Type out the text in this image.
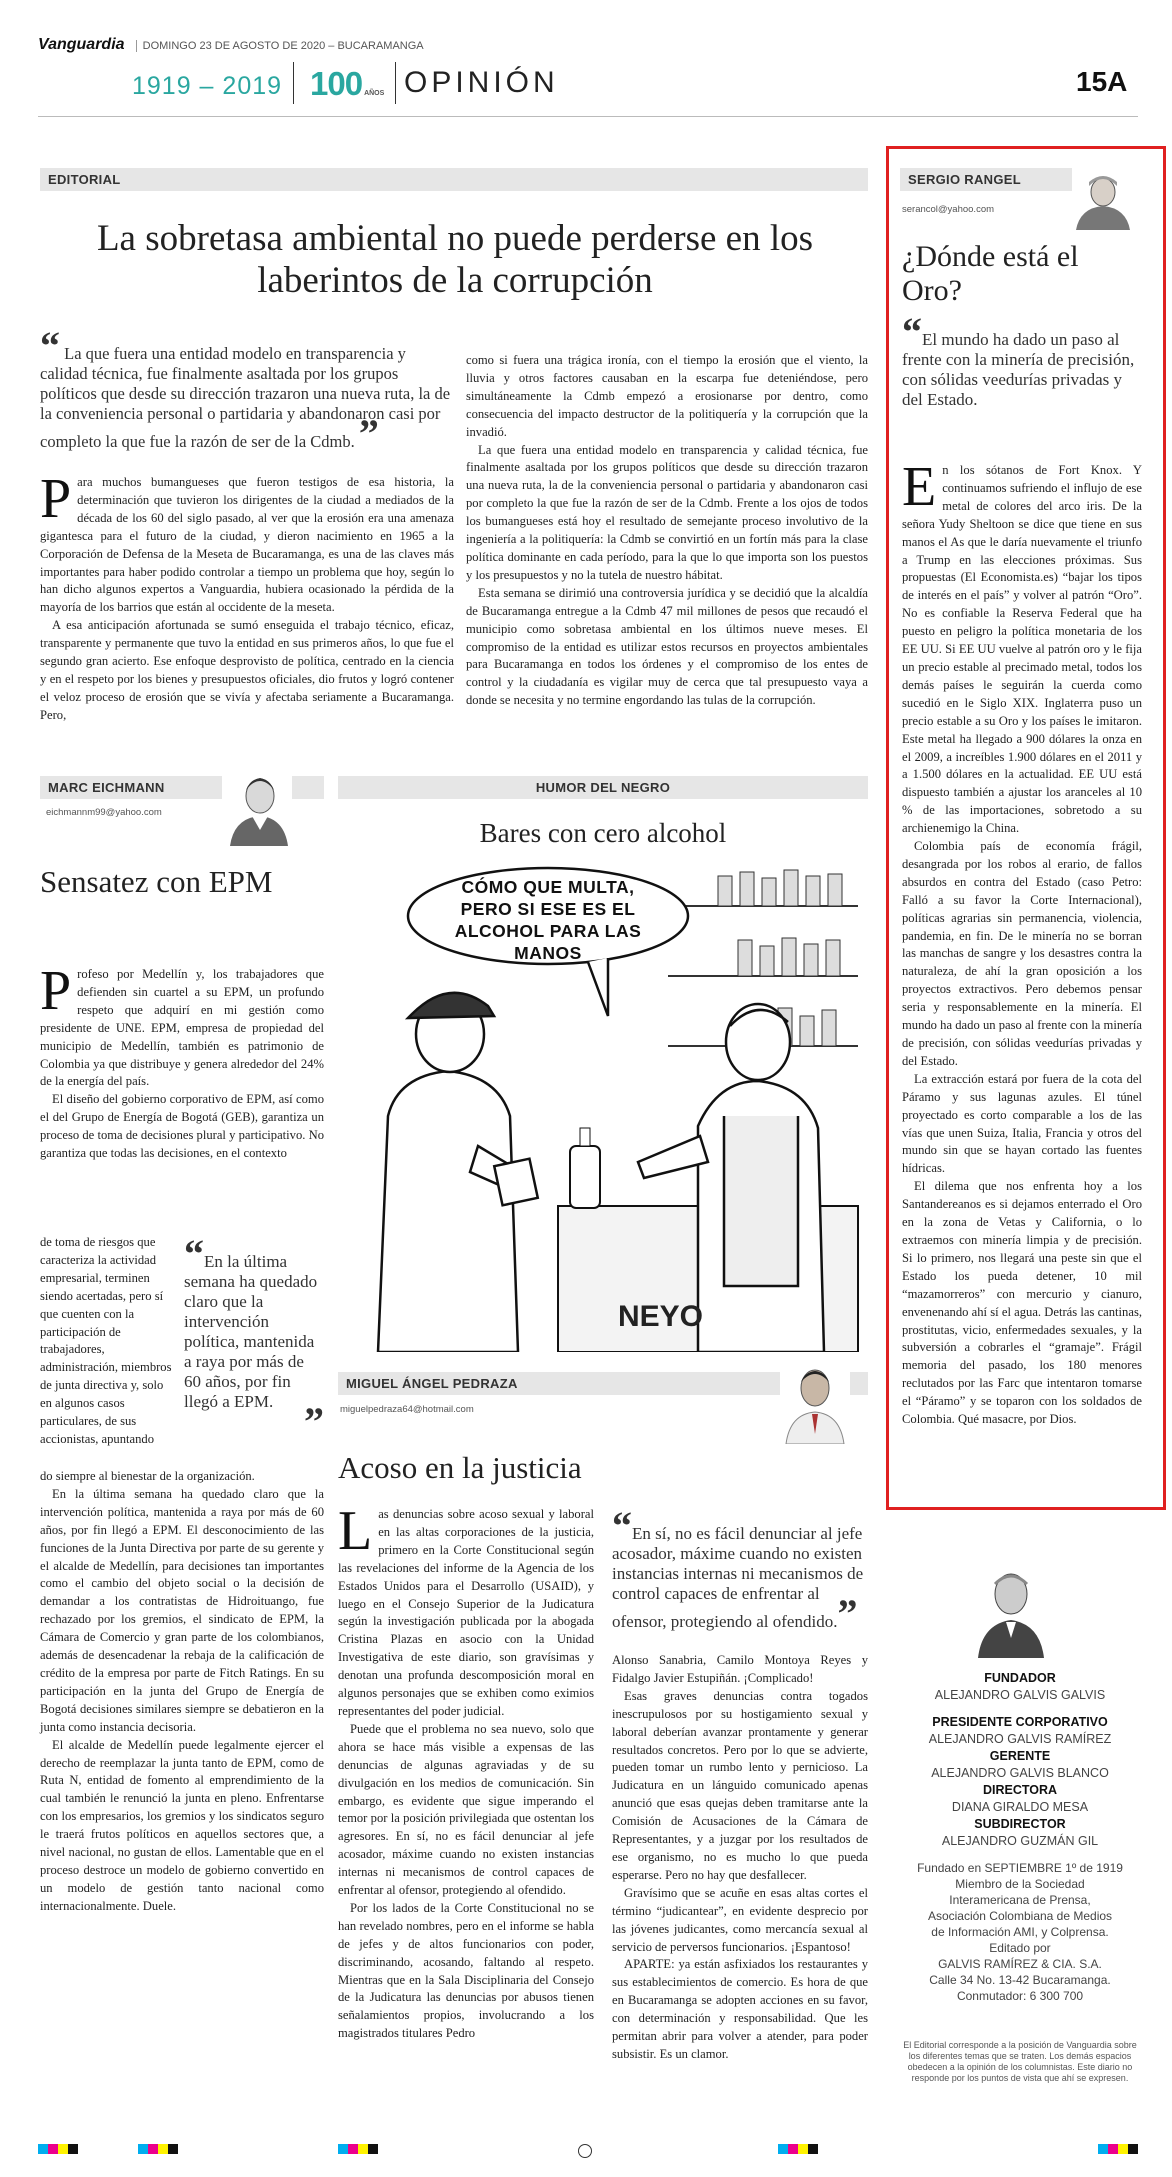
Vanguardia DOMINGO 23 DE AGOSTO DE 2020 – BUCARAMANGA
1919 – 2019 100 AÑOS OPINIÓN	15A
EDITORIAL
La sobretasa ambiental no puede perderse en los laberintos de la corrupción
“ La que fuera una entidad modelo en transparencia y calidad técnica, fue finalmente asaltada por los grupos políticos que desde su dirección trazaron una nueva ruta, la de la conveniencia personal o partidaria y abandonaron casi por completo la que fue la razón de ser de la Cdmb. ”

Para muchos bumangueses que fueron testigos de esa historia, la determinación que tuvieron los dirigentes de la ciudad a mediados de la década de los 60 del siglo pasado, al ver que la erosión era una amenaza gigantesca para el futuro de la ciudad, y dieron nacimiento en 1965 a la Corporación de Defensa de la Meseta de Bucaramanga, es una de las claves más importantes para haber podido controlar a tiempo un problema que hoy, según lo han dicho algunos expertos a Vanguardia, hubiera ocasionado la pérdida de la mayoría de los barrios que están al occidente de la meseta.

A esa anticipación afortunada se sumó enseguida el trabajo técnico, eficaz, transparente y permanente que tuvo la entidad en sus primeros años, lo que fue el segundo gran acierto. Ese enfoque desprovisto de política, centrado en la ciencia y en el respeto por los bienes y presupuestos oficiales, dio frutos y logró contener el veloz proceso de erosión que se vivía y afectaba seriamente a Bucaramanga. Pero,

como si fuera una trágica ironía, con el tiempo la erosión que el viento, la lluvia y otros factores causaban en la escarpa fue deteniéndose, pero simultáneamente la Cdmb empezó a erosionarse por dentro, como consecuencia del impacto destructor de la politiquería y la corrupción que la invadió.

La que fuera una entidad modelo en transparencia y calidad técnica, fue finalmente asaltada por los grupos políticos que desde su dirección trazaron una nueva ruta, la de la conveniencia personal o partidaria y abandonaron casi por completo la que fue la razón de ser de la Cdmb. Frente a los ojos de todos los bumangueses está hoy el resultado de semejante proceso involutivo de la ingeniería a la politiquería: la Cdmb se convirtió en un fortín más para la clase política dominante en cada período, para la que lo que importa son los puestos y los presupuestos y no la tutela de nuestro hábitat.

Esta semana se dirimió una controversia jurídica y se decidió que la alcaldía de Bucaramanga entregue a la Cdmb 47 mil millones de pesos que recaudó el municipio como sobretasa ambiental en los últimos nueve meses. El compromiso de la entidad es utilizar estos recursos en proyectos ambientales para Bucaramanga en todos los órdenes y el compromiso de los entes de control y la ciudadanía es vigilar muy de cerca que tal presupuesto vaya a donde se necesita y no termine engordando las tulas de la corrupción.

MARC EICHMANN
eichmannm99@yahoo.com
Sensatez con EPM

Profeso por Medellín y, los trabajadores que defienden sin cuartel a su EPM, un profundo respeto que adquirí en mi gestión como presidente de UNE. EPM, empresa de propiedad del municipio de Medellín, también es patrimonio de Colombia ya que distribuye y genera alrededor del 24% de la energía del país.

El diseño del gobierno corporativo de EPM, así como el del Grupo de Energía de Bogotá (GEB), garantiza un proceso de toma de decisiones plural y participativo. No garantiza que todas las decisiones, en el contexto

de toma de riesgos que caracteriza la actividad empresarial, terminen siendo acertadas, pero sí que cuenten con la participación de trabajadores, administración, miembros de junta directiva y, solo en algunos casos particulares, de sus accionistas, apuntando

“En la última semana ha quedado claro que la intervención política, mantenida a raya por más de 60 años, por fin llegó a EPM. ”

do siempre al bienestar de la organización.

En la última semana ha quedado claro que la intervención política, mantenida a raya por más de 60 años, por fin llegó a EPM. El desconocimiento de las funciones de la Junta Directiva por parte de su gerente y el alcalde de Medellín, para decisiones tan importantes como el cambio del objeto social o la decisión de demandar a los contratistas de Hidroituango, fue rechazado por los gremios, el sindicato de EPM, la Cámara de Comercio y gran parte de los colombianos, además de desencadenar la rebaja de la calificación de crédito de la empresa por parte de Fitch Ratings. En su participación en la junta del Grupo de Energía de Bogotá decisiones similares siempre se debatieron en la junta como instancia decisoria.

El alcalde de Medellín puede legalmente ejercer el derecho de reemplazar la junta tanto de EPM, como de Ruta N, entidad de fomento al emprendimiento de la cual también le renunció la junta en pleno. Enfrentarse con los empresarios, los gremios y los sindicatos seguro le traerá frutos políticos en aquellos sectores que, a nivel nacional, no gustan de ellos. Lamentable que en el proceso destroce un modelo de gobierno convertido en un modelo de gestión tanto nacional como internacionalmente. Duele.

HUMOR DEL NEGRO
Bares con cero alcohol
NEYO
CÓMO QUE MULTA, PERO SI ESE ES EL ALCOHOL PARA LAS MANOS
MIGUEL ÁNGEL PEDRAZA
miguelpedraza64@hotmail.com
Acoso en la justicia

Las denuncias sobre acoso sexual y laboral en las altas corporaciones de la justicia, primero en la Corte Constitucional según las revelaciones del informe de la Agencia de los Estados Unidos para el Desarrollo (USAID), y luego en el Consejo Superior de la Judicatura según la investigación publicada por la abogada Cristina Plazas en asocio con la Unidad Investigativa de este diario, son gravísimas y denotan una profunda descomposición moral en algunos personajes que se exhiben como eximios representantes del poder judicial.

Puede que el problema no sea nuevo, solo que ahora se hace más visible a expensas de las denuncias de algunas agraviadas y de su divulgación en los medios de comunicación. Sin embargo, es evidente que sigue imperando el temor por la posición privilegiada que ostentan los agresores. En sí, no es fácil denunciar al jefe acosador, máxime cuando no existen instancias internas ni mecanismos de control capaces de enfrentar al ofensor, protegiendo al ofendido.

Por los lados de la Corte Constitucional no se han revelado nombres, pero en el informe se habla de jefes y de altos funcionarios con poder, discriminando, acosando, faltando al respeto. Mientras que en la Sala Disciplinaria del Consejo de la Judicatura las denuncias por abusos tienen señalamientos propios, involucrando a los magistrados titulares Pedro

“En sí, no es fácil denunciar al jefe acosador, máxime cuando no existen instancias internas ni mecanismos de control capaces de enfrentar al ofensor, protegiendo al ofendido.”

Alonso Sanabria, Camilo Montoya Reyes y Fidalgo Javier Estupiñán. ¡Complicado!

Esas graves denuncias contra togados inescrupulosos por su hostigamiento sexual y laboral deberían avanzar prontamente y generar resultados concretos. Pero por lo que se advierte, pueden tomar un rumbo lento y pernicioso. La Judicatura en un lánguido comunicado apenas anunció que esas quejas deben tramitarse ante la Comisión de Acusaciones de la Cámara de Representantes, y a juzgar por los resultados de ese organismo, no es mucho lo que pueda esperarse. Pero no hay que desfallecer.

Gravísimo que se acuñe en esas altas cortes el término “judicantear”, en evidente desprecio por las jóvenes judicantes, como mercancía sexual al servicio de perversos funcionarios. ¡Espantoso!

APARTE: ya están asfixiados los restaurantes y sus establecimientos de comercio. Es hora de que en Bucaramanga se adopten acciones en su favor, con determinación y responsabilidad. Que les permitan abrir para volver a atender, para poder subsistir. Es un clamor.

SERGIO RANGEL
serancol@yahoo.com
¿Dónde está el Oro?
“El mundo ha dado un paso al frente con la minería de precisión, con sólidas veedurías privadas y del Estado.

En los sótanos de Fort Knox. Y continuamos sufriendo el influjo de ese metal de colores del arco iris. De la señora Yudy Sheltoon se dice que tiene en sus manos el As que le daría nuevamente el triunfo a Trump en las elecciones próximas. Sus propuestas (El Economista.es) “bajar los tipos de interés en el país” y volver al patrón “Oro”. No es confiable la Reserva Federal que ha puesto en peligro la política monetaria de los EE UU. Si EE UU vuelve al patrón oro y le fija un precio estable al precimado metal, todos los demás países le seguirán la cuerda como sucedió en le Siglo XIX. Inglaterra puso un precio estable a su Oro y los países le imitaron. Este metal ha llegado a 900 dólares la onza en el 2009, a increíbles 1.900 dólares en el 2011 y a 1.500 dólares en la actualidad. EE UU está dispuesto también a ajustar los aranceles al 10 % de las importaciones, sobretodo a su archienemigo la China.

Colombia país de economía frágil, desangrada por los robos al erario, de fallos absurdos en contra del Estado (caso Petro: Falló a su favor la Corte Internacional), políticas agrarias sin permanencia, violencia, pandemia, en fin. De le minería no se borran las manchas de sangre y los desastres contra la naturaleza, de ahí la gran oposición a los proyectos extractivos. Pero debemos pensar seria y responsablemente en la minería. El mundo ha dado un paso al frente con la minería de precisión, con sólidas veedurías privadas y del Estado.

La extracción estará por fuera de la cota del Páramo y sus lagunas azules. El túnel proyectado es corto comparable a los de las vías que unen Suiza, Italia, Francia y otros del mundo sin que se hayan cortado las fuentes hídricas.

El dilema que nos enfrenta hoy a los Santandereanos es si dejamos enterrado el Oro en la zona de Vetas y California, o lo extraemos con minería limpia y de precisión. Si lo primero, nos llegará una peste sin que el Estado los pueda detener, 10 mil “mazamorreros” con mercurio y cianuro, envenenando ahí sí el agua. Detrás las cantinas, prostitutas, vicio, enfermedades sexuales, y la subversión a cobrarles el “gramaje”. Frágil memoria del pasado, los 180 menores reclutados por las Farc que intentaron tomarse el “Páramo” y se toparon con los soldados de Colombia. Qué masacre, por Dios.

FUNDADOR
ALEJANDRO GALVIS GALVIS
PRESIDENTE CORPORATIVO
ALEJANDRO GALVIS RAMÍREZ
GERENTE
ALEJANDRO GALVIS BLANCO
DIRECTORA
DIANA GIRALDO MESA
SUBDIRECTOR
ALEJANDRO GUZMÁN GIL
Fundado en SEPTIEMBRE 1º de 1919
Miembro de la Sociedad
Interamericana de Prensa,
Asociación Colombiana de Medios
de Información AMI, y Colprensa.
Editado por
GALVIS RAMÍREZ & CIA. S.A.
Calle 34 No. 13-42 Bucaramanga.
Conmutador: 6 300 700
El Editorial corresponde a la posición de Vanguardia sobre los diferentes temas que se traten. Los demás espacios obedecen a la opinión de los columnistas. Este diario no responde por los puntos de vista que ahí se expresen.
